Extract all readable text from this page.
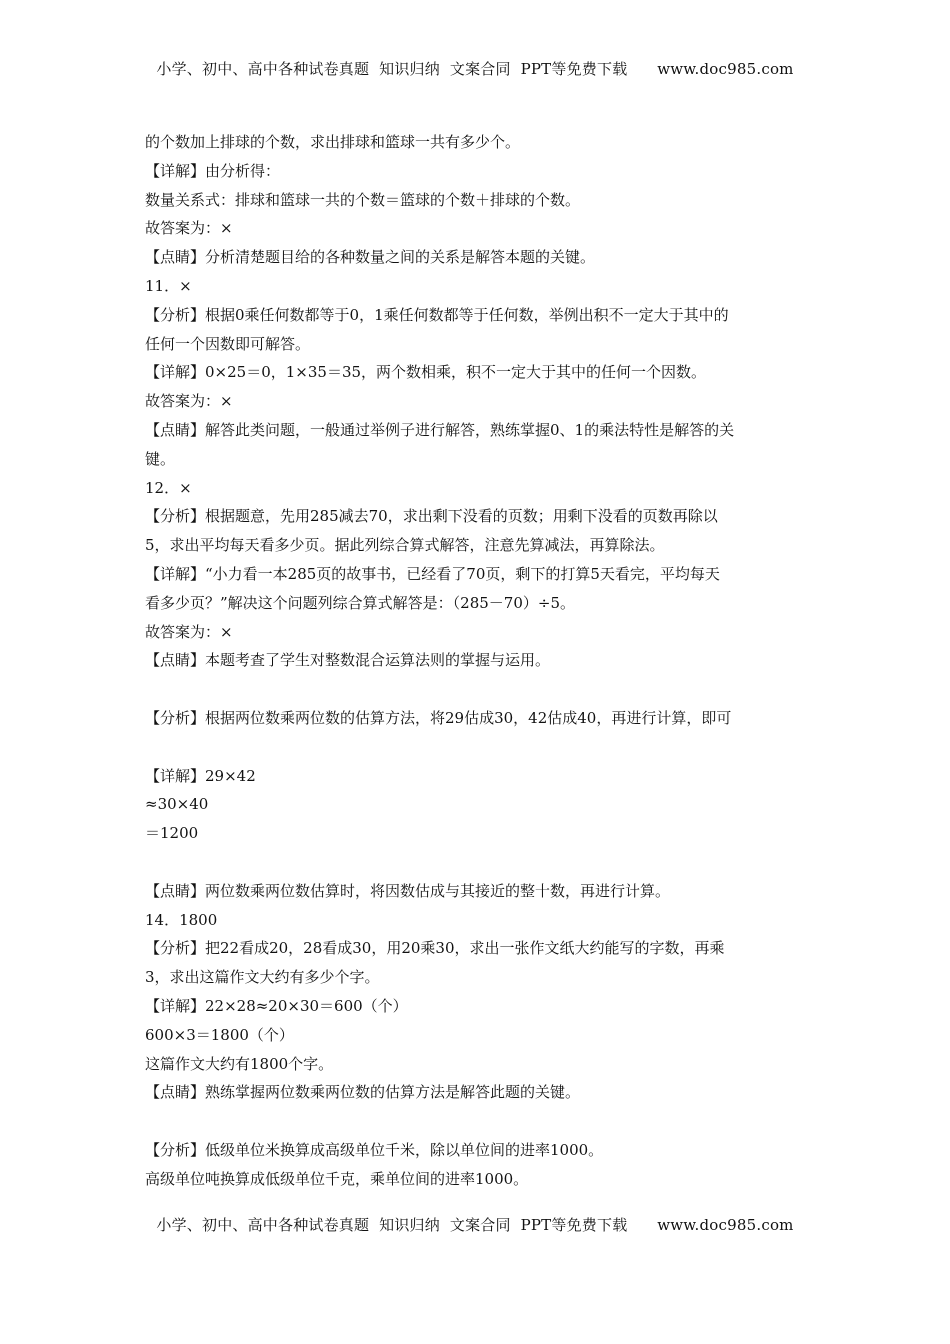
小学、初中、高中各种试卷真题  知识归纳  文案合同  PPT等免费下载      www.doc985.com
的个数加上排球的个数，求出排球和篮球一共有多少个。
【详解】由分析得：
数量关系式：排球和篮球一共的个数＝篮球的个数＋排球的个数。
故答案为：×
【点睛】分析清楚题目给的各种数量之间的关系是解答本题的关键。
11．×
【分析】根据0乘任何数都等于0，1乘任何数都等于任何数，举例出积不一定大于其中的
任何一个因数即可解答。
【详解】0×25＝0，1×35＝35，两个数相乘，积不一定大于其中的任何一个因数。
故答案为：×
【点睛】解答此类问题，一般通过举例子进行解答，熟练掌握0、1的乘法特性是解答的关
键。
12．×
【分析】根据题意，先用285减去70，求出剩下没看的页数；用剩下没看的页数再除以
5，求出平均每天看多少页。据此列综合算式解答，注意先算减法，再算除法。
【详解】“小力看一本285页的故事书，已经看了70页，剩下的打算5天看完，平均每天
看多少页？”解决这个问题列综合算式解答是：（285－70）÷5。
故答案为：×
【点睛】本题考查了学生对整数混合运算法则的掌握与运用。

【分析】根据两位数乘两位数的估算方法，将29估成30，42估成40，再进行计算，即可

【详解】29×42
≈30×40
＝1200

【点睛】两位数乘两位数估算时，将因数估成与其接近的整十数，再进行计算。
14．1800
【分析】把22看成20，28看成30，用20乘30，求出一张作文纸大约能写的字数，再乘
3，求出这篇作文大约有多少个字。
【详解】22×28≈20×30＝600（个）
600×3＝1800（个）
这篇作文大约有1800个字。
【点睛】熟练掌握两位数乘两位数的估算方法是解答此题的关键。

【分析】低级单位米换算成高级单位千米，除以单位间的进率1000。
高级单位吨换算成低级单位千克，乘单位间的进率1000。
小学、初中、高中各种试卷真题  知识归纳  文案合同  PPT等免费下载      www.doc985.com
